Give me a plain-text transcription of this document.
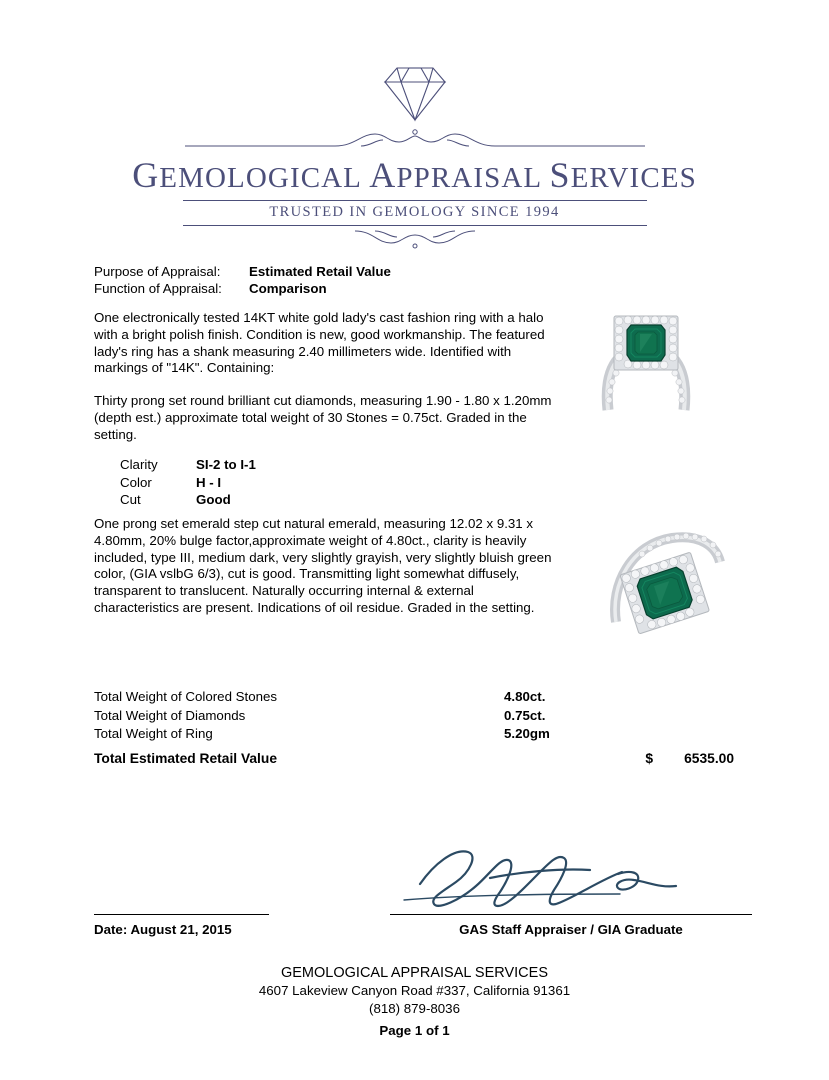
GEMOLOGICAL APPRAISAL SERVICES
TRUSTED IN GEMOLOGY SINCE 1994
Purpose of Appraisal:	Estimated Retail Value
Function of Appraisal:	Comparison
One electronically tested 14KT white gold lady's cast fashion ring with a halo with a bright polish finish. Condition is new, good workmanship. The featured lady's ring has a shank measuring 2.40 millimeters wide. Identified with markings of "14K". Containing:
Thirty prong set round brilliant cut diamonds, measuring 1.90 - 1.80 x 1.20mm (depth est.) approximate total weight of 30 Stones = 0.75ct. Graded in the setting.
Clarity	SI-2 to I-1
Color	H - I
Cut	Good
One prong set emerald step cut natural emerald, measuring 12.02 x 9.31 x 4.80mm, 20% bulge factor,approximate weight of 4.80ct., clarity is heavily included, type III, medium dark, very slightly grayish, very slightly bluish green color, (GIA vslbG 6/3), cut is good. Transmitting light somewhat diffusely, transparent to translucent. Naturally occurring internal & external characteristics are present. Indications of oil residue. Graded in the setting.
Total Weight of Colored Stones	4.80ct.
Total Weight of Diamonds	0.75ct.
Total Weight of Ring	5.20gm
Total Estimated Retail Value	$	6535.00
Date: August 21, 2015	GAS Staff Appraiser / GIA Graduate
GEMOLOGICAL APPRAISAL SERVICES
4607 Lakeview Canyon Road #337, California 91361
(818) 879-8036
Page 1 of 1
